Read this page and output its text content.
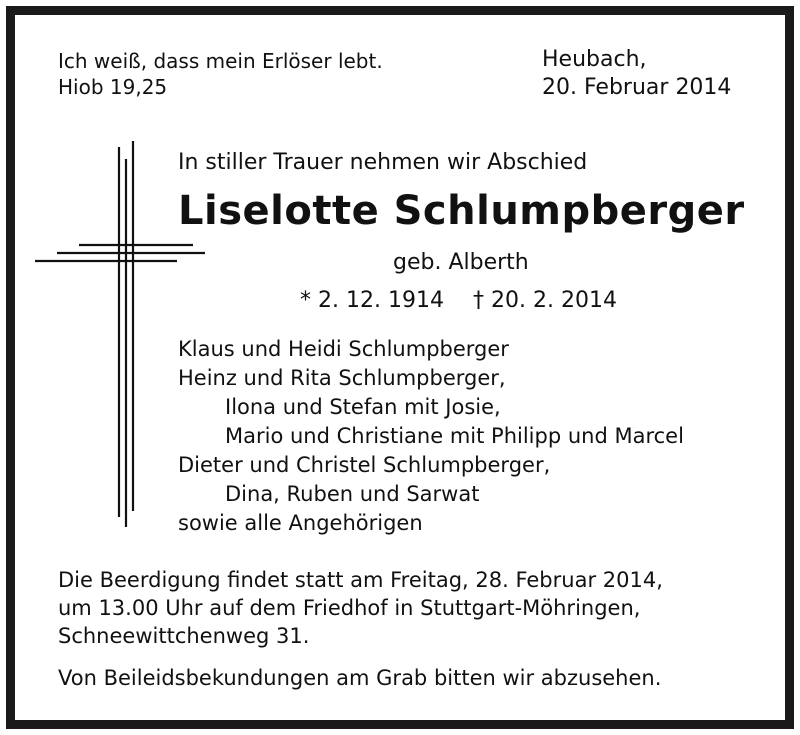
Ich weiß, dass mein Erlöser lebt.
Hiob 19,25
Heubach,
20. Februar 2014
In stiller Trauer nehmen wir Abschied
Liselotte Schlumpberger
geb. Alberth
* 2. 12. 1914 † 20. 2. 2014
Klaus und Heidi Schlumpberger
Heinz und Rita Schlumpberger,
Ilona und Stefan mit Josie,
Mario und Christiane mit Philipp und Marcel
Dieter und Christel Schlumpberger,
Dina, Ruben und Sarwat
sowie alle Angehörigen
Die Beerdigung findet statt am Freitag, 28. Februar 2014,
um 13.00 Uhr auf dem Friedhof in Stuttgart-Möhringen,
Schneewittchenweg 31.
Von Beileidsbekundungen am Grab bitten wir abzusehen.
